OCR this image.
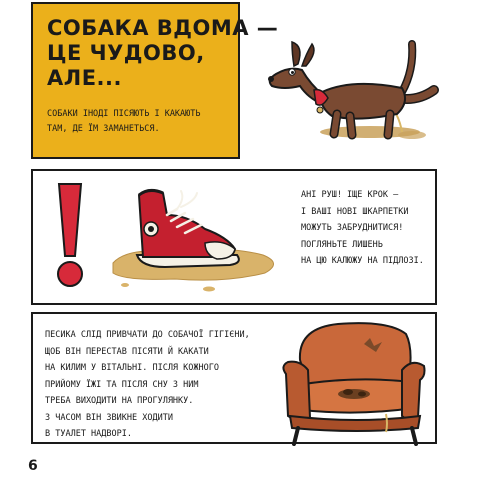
СОБАКА ВДОМА —
ЦЕ ЧУДОВО,
АЛЕ...
СОБАКИ ІНОДІ ПІСЯЮТЬ І КАКАЮТЬ
ТАМ, ДЕ ЇМ ЗАМАНЕТЬСЯ.
АНІ РУШ! ІЩЕ КРОК —
І ВАШІ НОВІ ШКАРПЕТКИ
МОЖУТЬ ЗАБРУДНИТИСЯ!
ПОГЛЯНЬТЕ ЛИШЕНЬ
НА ЦЮ КАЛЮЖУ НА ПІДЛОЗІ.
ПЕСИКА СЛІД ПРИВЧАТИ ДО СОБАЧОЇ ГІГІЄНИ,
ЩОБ ВІН ПЕРЕСТАВ ПІСЯТИ Й КАКАТИ
НА КИЛИМ У ВІТАЛЬНІ. ПІСЛЯ КОЖНОГО
ПРИЙОМУ ЇЖІ ТА ПІСЛЯ СНУ З НИМ
ТРЕБА ВИХОДИТИ НА ПРОГУЛЯНКУ.
З ЧАСОМ ВІН ЗВИКНЕ ХОДИТИ
В ТУАЛЕТ НАДВОРІ.
6
